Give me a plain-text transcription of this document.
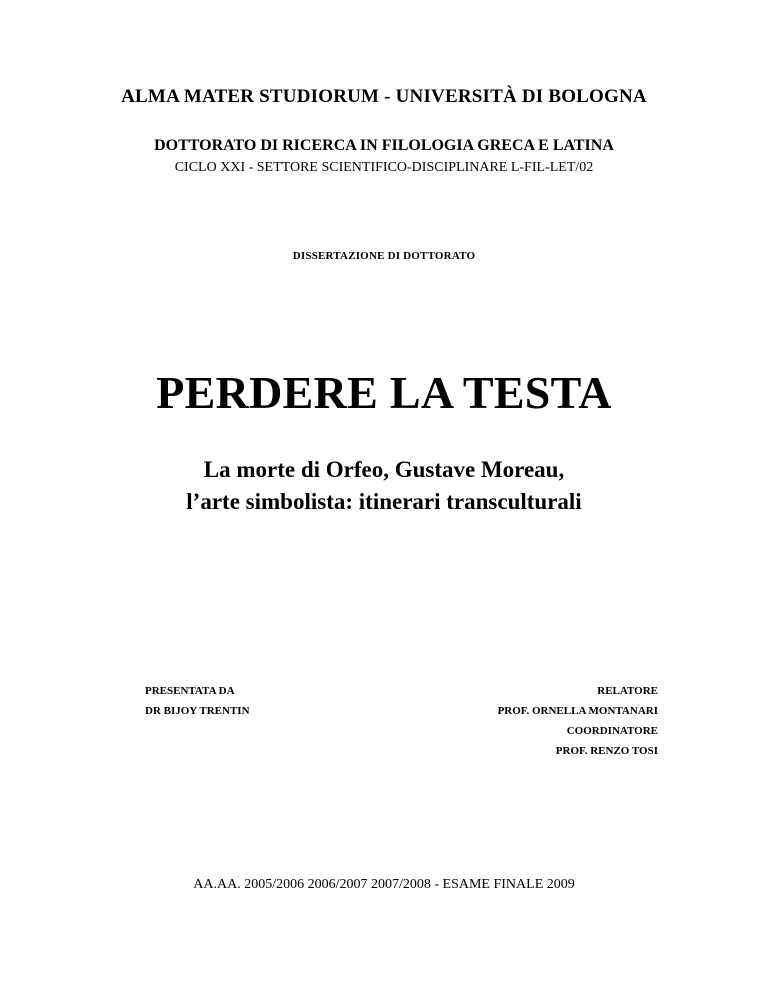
ALMA MATER STUDIORUM - UNIVERSITÀ DI BOLOGNA
DOTTORATO DI RICERCA IN FILOLOGIA GRECA E LATINA
CICLO XXI - SETTORE SCIENTIFICO-DISCIPLINARE L-FIL-LET/02
DISSERTAZIONE DI DOTTORATO
PERDERE LA TESTA
La morte di Orfeo, Gustave Moreau,
l’arte simbolista: itinerari transculturali
PRESENTATA DA
DR BIJOY TRENTIN
RELATORE
PROF. ORNELLA MONTANARI
COORDINATORE
PROF. RENZO TOSI
AA.AA. 2005/2006 2006/2007 2007/2008 - ESAME FINALE 2009
